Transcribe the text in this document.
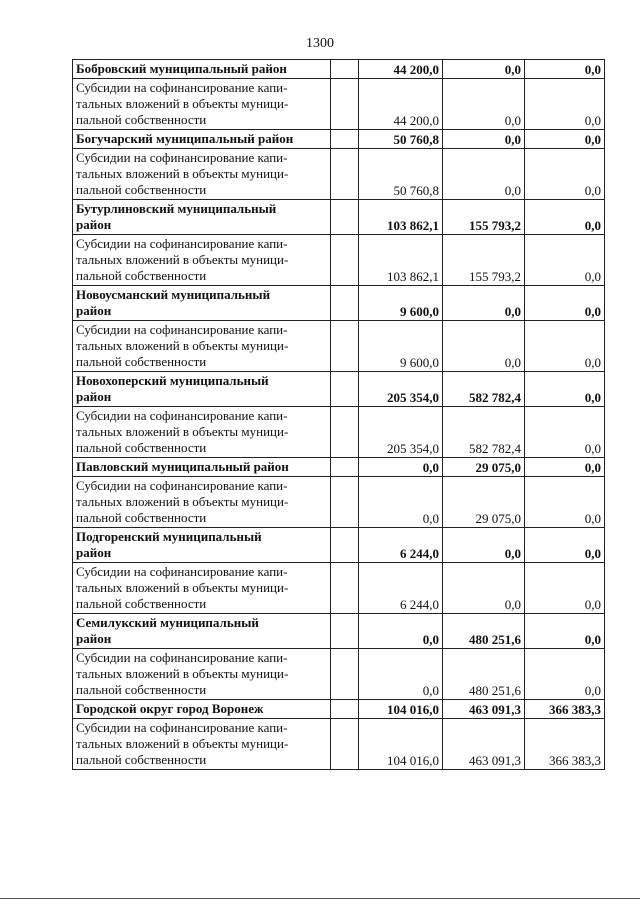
1300
Бобровский муниципальный район		44 200,0	0,0	0,0
Субсидии на софинансирование капи-
тальных вложений в объекты муници-
пальной собственности		44 200,0	0,0	0,0
Богучарский муниципальный район		50 760,8	0,0	0,0
Субсидии на софинансирование капи-
тальных вложений в объекты муници-
пальной собственности		50 760,8	0,0	0,0
Бутурлиновский муниципальный
район		103 862,1	155 793,2	0,0
Субсидии на софинансирование капи-
тальных вложений в объекты муници-
пальной собственности		103 862,1	155 793,2	0,0
Новоусманский муниципальный
район		9 600,0	0,0	0,0
Субсидии на софинансирование капи-
тальных вложений в объекты муници-
пальной собственности		9 600,0	0,0	0,0
Новохоперский муниципальный
район		205 354,0	582 782,4	0,0
Субсидии на софинансирование капи-
тальных вложений в объекты муници-
пальной собственности		205 354,0	582 782,4	0,0
Павловский муниципальный район		0,0	29 075,0	0,0
Субсидии на софинансирование капи-
тальных вложений в объекты муници-
пальной собственности		0,0	29 075,0	0,0
Подгоренский муниципальный
район		6 244,0	0,0	0,0
Субсидии на софинансирование капи-
тальных вложений в объекты муници-
пальной собственности		6 244,0	0,0	0,0
Семилукский муниципальный
район		0,0	480 251,6	0,0
Субсидии на софинансирование капи-
тальных вложений в объекты муници-
пальной собственности		0,0	480 251,6	0,0
Городской округ город Воронеж		104 016,0	463 091,3	366 383,3
Субсидии на софинансирование капи-
тальных вложений в объекты муници-
пальной собственности		104 016,0	463 091,3	366 383,3
